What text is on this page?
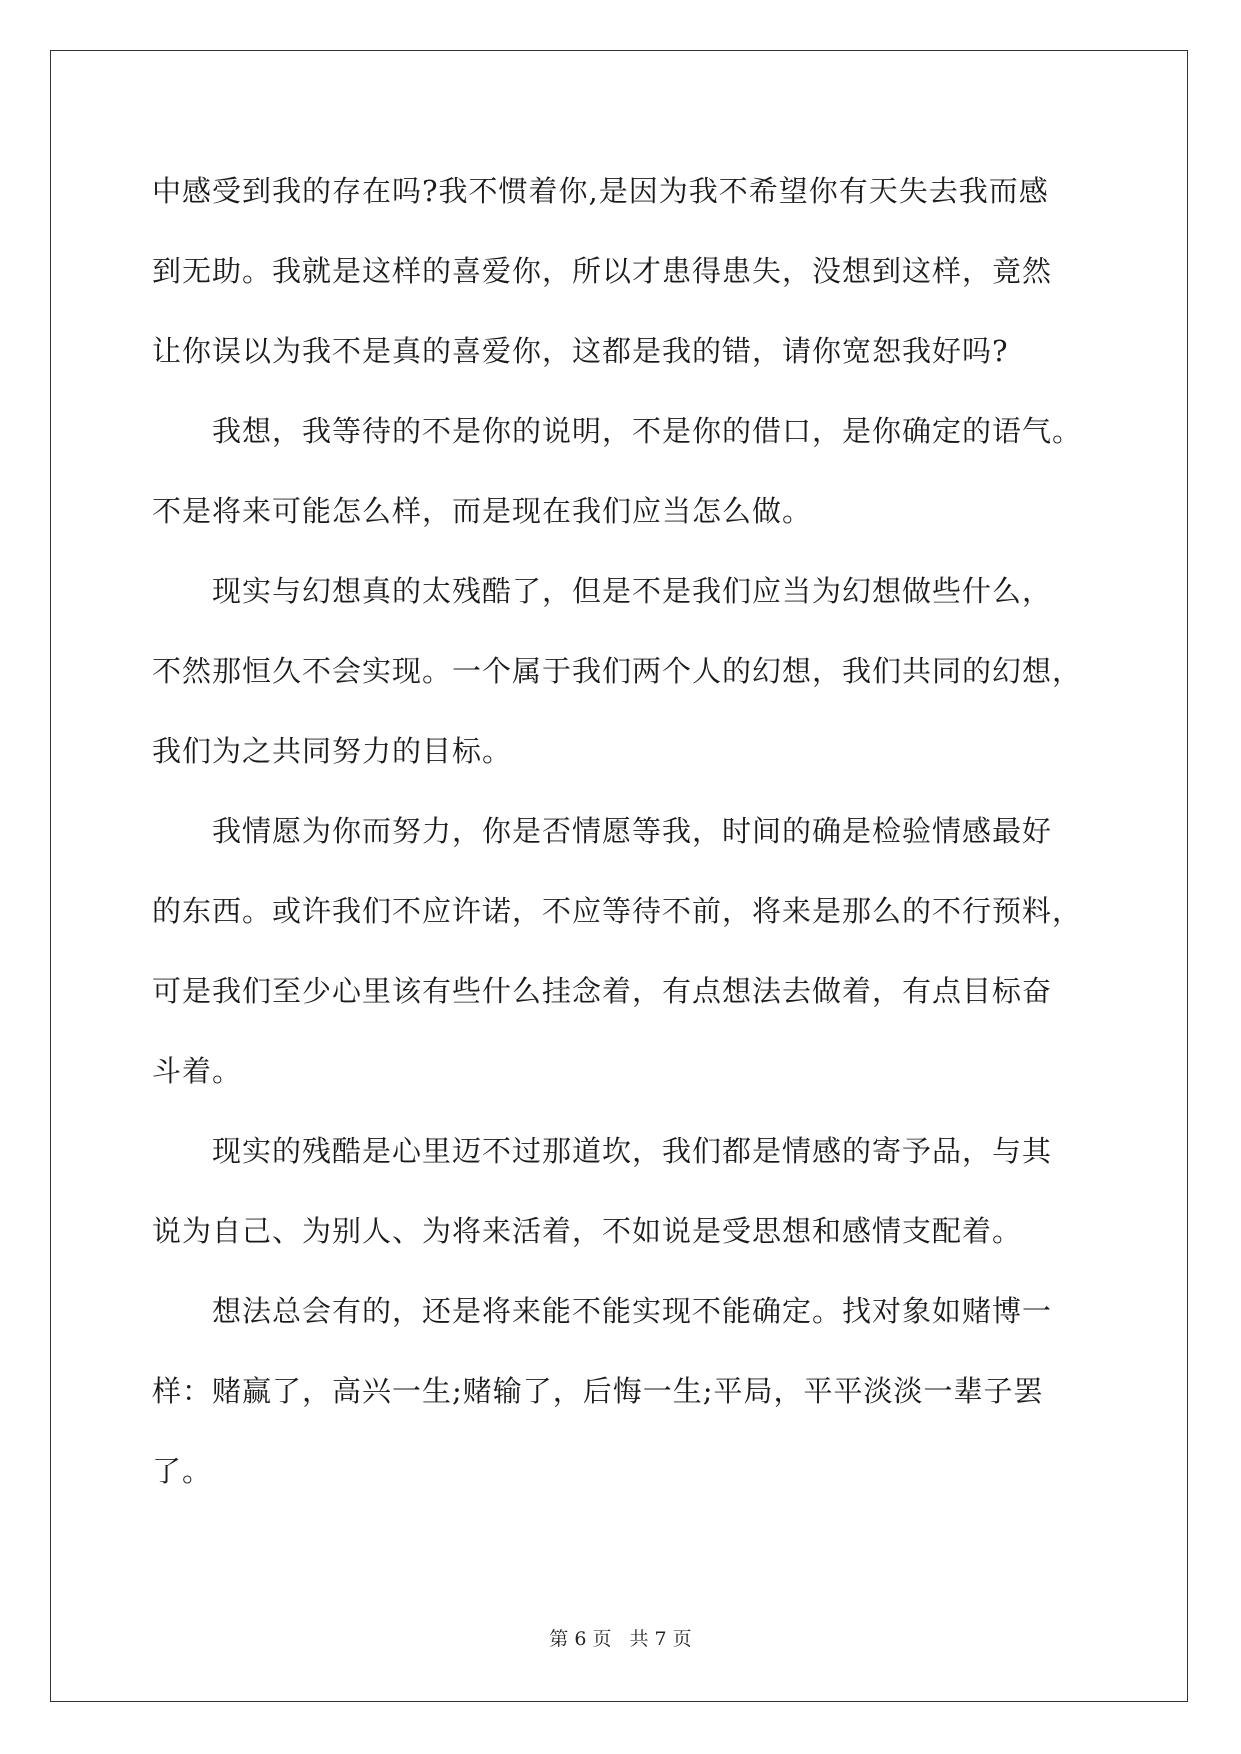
中感受到我的存在吗?我不惯着你,是因为我不希望你有天失去我而感
到无助。我就是这样的喜爱你，所以才患得患失，没想到这样，竟然
让你误以为我不是真的喜爱你，这都是我的错，请你宽恕我好吗?
我想，我等待的不是你的说明，不是你的借口，是你确定的语气。
不是将来可能怎么样，而是现在我们应当怎么做。
现实与幻想真的太残酷了，但是不是我们应当为幻想做些什么，
不然那恒久不会实现。一个属于我们两个人的幻想，我们共同的幻想，
我们为之共同努力的目标。
我情愿为你而努力，你是否情愿等我，时间的确是检验情感最好
的东西。或许我们不应许诺，不应等待不前，将来是那么的不行预料，
可是我们至少心里该有些什么挂念着，有点想法去做着，有点目标奋
斗着。
现实的残酷是心里迈不过那道坎，我们都是情感的寄予品，与其
说为自己、为别人、为将来活着，不如说是受思想和感情支配着。
想法总会有的，还是将来能不能实现不能确定。找对象如赌博一
样：赌赢了，高兴一生;赌输了，后悔一生;平局，平平淡淡一辈子罢
了。
第 6 页 共 7 页
